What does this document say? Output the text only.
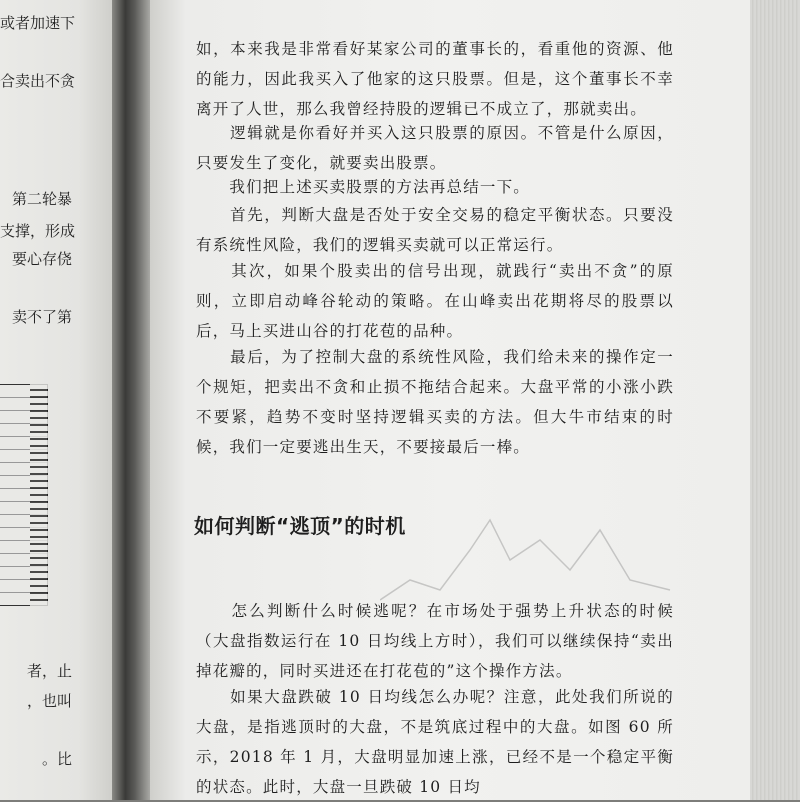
或者加速下
合卖出不贪
第二轮暴
支撑，形成
要心存侥
卖不了第
者，止
，也叫
。比
如，本来我是非常看好某家公司的董事长的，看重他的资源、他的能力，因此我买入了他家的这只股票。但是，这个董事长不幸离开了人世，那么我曾经持股的逻辑已不成立了，那就卖出。
　　逻辑就是你看好并买入这只股票的原因。不管是什么原因，只要发生了变化，就要卖出股票。
　　我们把上述买卖股票的方法再总结一下。
　　首先，判断大盘是否处于安全交易的稳定平衡状态。只要没有系统性风险，我们的逻辑买卖就可以正常运行。
　　其次，如果个股卖出的信号出现，就践行“卖出不贪”的原则，立即启动峰谷轮动的策略。在山峰卖出花期将尽的股票以后，马上买进山谷的打花苞的品种。
　　最后，为了控制大盘的系统性风险，我们给未来的操作定一个规矩，把卖出不贪和止损不拖结合起来。大盘平常的小涨小跌不要紧，趋势不变时坚持逻辑买卖的方法。但大牛市结束的时候，我们一定要逃出生天，不要接最后一棒。
如何判断“逃顶”的时机
　　怎么判断什么时候逃呢？在市场处于强势上升状态的时候（大盘指数运行在 10 日均线上方时），我们可以继续保持“卖出掉花瓣的，同时买进还在打花苞的”这个操作方法。
　　如果大盘跌破 10 日均线怎么办呢？注意，此处我们所说的大盘，是指逃顶时的大盘，不是筑底过程中的大盘。如图 60 所示，2018 年 1 月，大盘明显加速上涨，已经不是一个稳定平衡的状态。此时，大盘一旦跌破 10 日均
